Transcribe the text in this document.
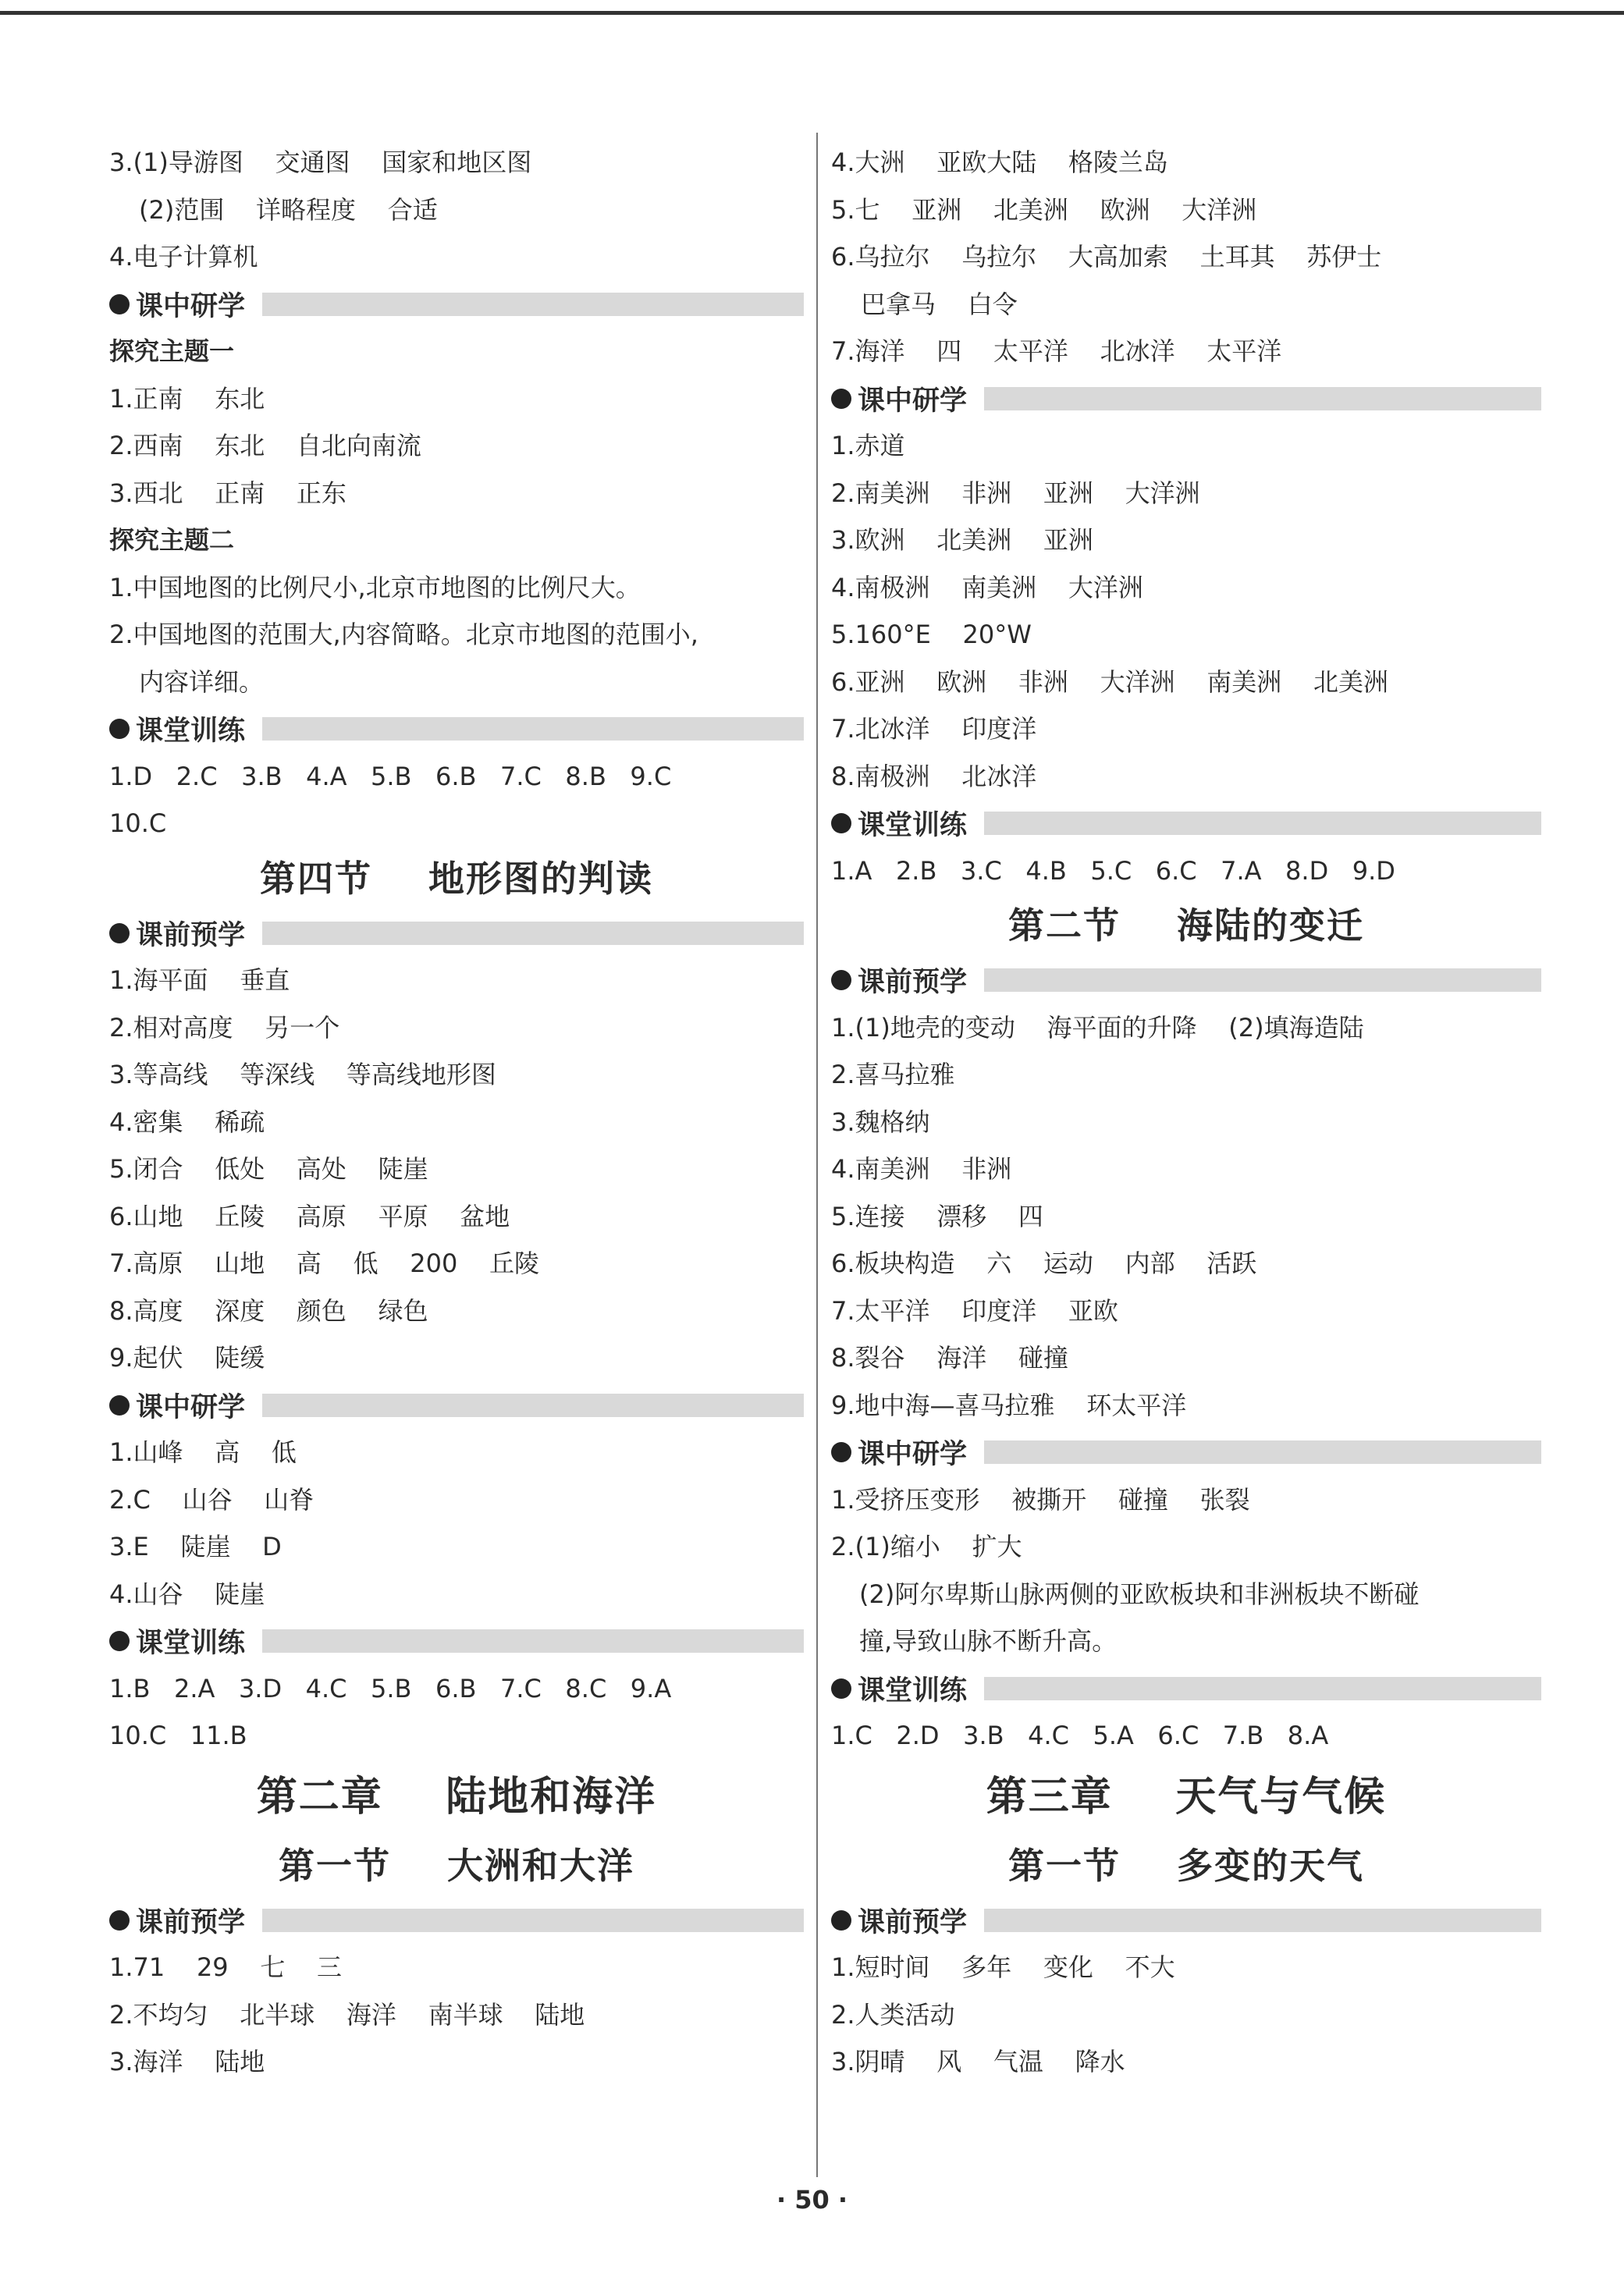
3.(1)导游图    交通图    国家和地区图
(2)范围    详略程度    合适
4.电子计算机
课中研学
探究主题一
1.正南    东北
2.西南    东北    自北向南流
3.西北    正南    正东
探究主题二
1.中国地图的比例尺小,北京市地图的比例尺大。
2.中国地图的范围大,内容简略。北京市地图的范围小,
内容详细。
课堂训练
1.D   2.C   3.B   4.A   5.B   6.B   7.C   8.B   9.C
10.C
第四节    地形图的判读
课前预学
1.海平面    垂直
2.相对高度    另一个
3.等高线    等深线    等高线地形图
4.密集    稀疏
5.闭合    低处    高处    陡崖
6.山地    丘陵    高原    平原    盆地
7.高原    山地    高    低    200    丘陵
8.高度    深度    颜色    绿色
9.起伏    陡缓
课中研学
1.山峰    高    低
2.C    山谷    山脊
3.E    陡崖    D
4.山谷    陡崖
课堂训练
1.B   2.A   3.D   4.C   5.B   6.B   7.C   8.C   9.A
10.C   11.B
第二章    陆地和海洋
第一节    大洲和大洋
课前预学
1.71    29    七    三
2.不均匀    北半球    海洋    南半球    陆地
3.海洋    陆地
4.大洲    亚欧大陆    格陵兰岛
5.七    亚洲    北美洲    欧洲    大洋洲
6.乌拉尔    乌拉尔    大高加索    土耳其    苏伊士
巴拿马    白令
7.海洋    四    太平洋    北冰洋    太平洋
课中研学
1.赤道
2.南美洲    非洲    亚洲    大洋洲
3.欧洲    北美洲    亚洲
4.南极洲    南美洲    大洋洲
5.160°E    20°W
6.亚洲    欧洲    非洲    大洋洲    南美洲    北美洲
7.北冰洋    印度洋
8.南极洲    北冰洋
课堂训练
1.A   2.B   3.C   4.B   5.C   6.C   7.A   8.D   9.D
第二节    海陆的变迁
课前预学
1.(1)地壳的变动    海平面的升降    (2)填海造陆
2.喜马拉雅
3.魏格纳
4.南美洲    非洲
5.连接    漂移    四
6.板块构造    六    运动    内部    活跃
7.太平洋    印度洋    亚欧
8.裂谷    海洋    碰撞
9.地中海—喜马拉雅    环太平洋
课中研学
1.受挤压变形    被撕开    碰撞    张裂
2.(1)缩小    扩大
(2)阿尔卑斯山脉两侧的亚欧板块和非洲板块不断碰
撞,导致山脉不断升高。
课堂训练
1.C   2.D   3.B   4.C   5.A   6.C   7.B   8.A
第三章    天气与气候
第一节    多变的天气
课前预学
1.短时间    多年    变化    不大
2.人类活动
3.阴晴    风    气温    降水
· 50 ·
